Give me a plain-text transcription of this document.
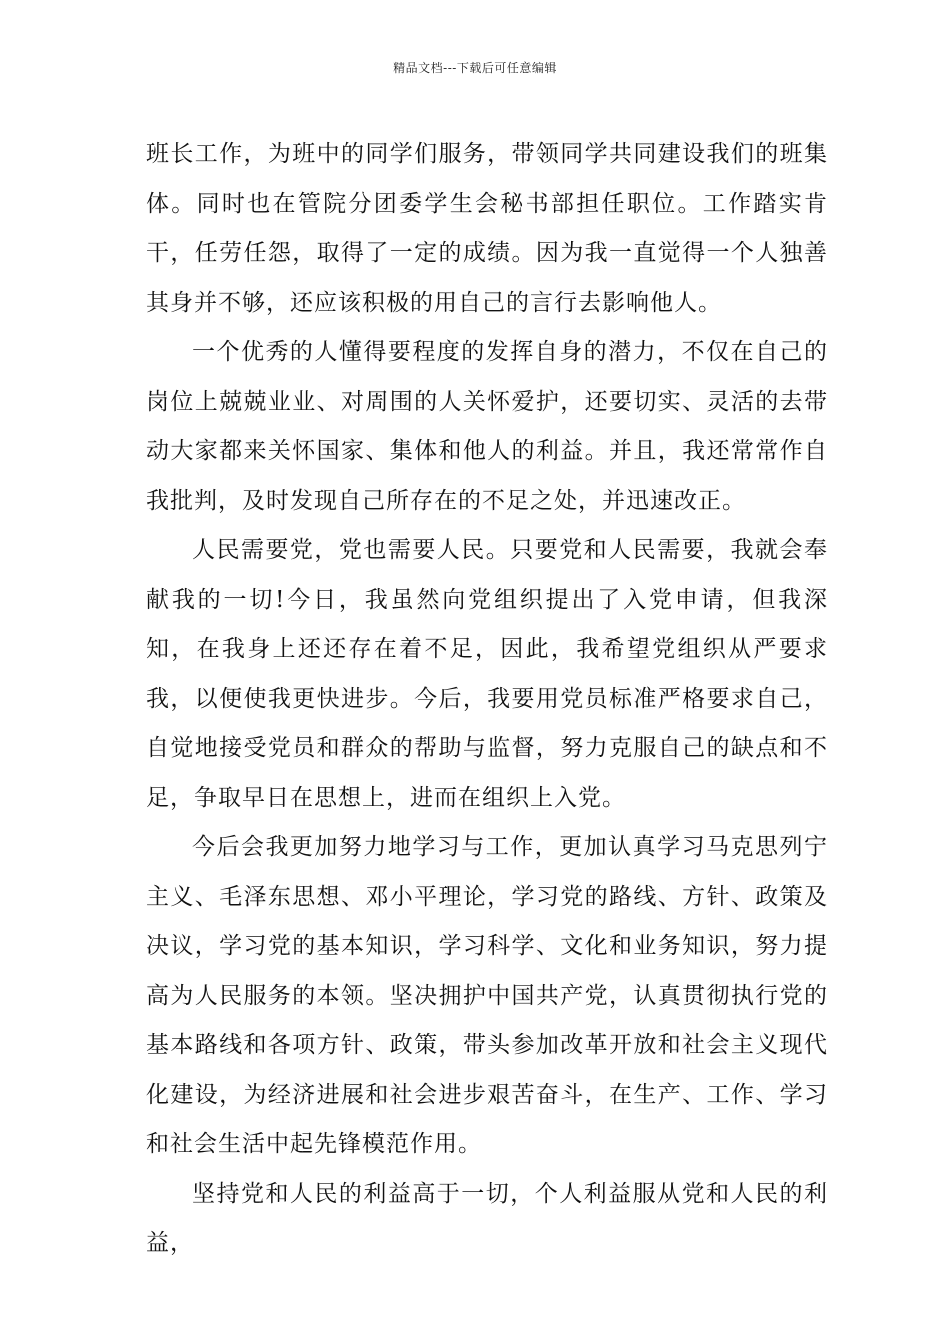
精品文档---下载后可任意编辑

班长工作，为班中的同学们服务，带领同学共同建设我们的班集体。同时也在管院分团委学生会秘书部担任职位。工作踏实肯干，任劳任怨，取得了一定的成绩。因为我一直觉得一个人独善其身并不够，还应该积极的用自己的言行去影响他人。

一个优秀的人懂得要程度的发挥自身的潜力，不仅在自己的岗位上兢兢业业、对周围的人关怀爱护，还要切实、灵活的去带动大家都来关怀国家、集体和他人的利益。并且，我还常常作自我批判，及时发现自己所存在的不足之处，并迅速改正。

人民需要党，党也需要人民。只要党和人民需要，我就会奉献我的一切!今日，我虽然向党组织提出了入党申请，但我深知，在我身上还还存在着不足，因此，我希望党组织从严要求我，以便使我更快进步。今后，我要用党员标准严格要求自己，自觉地接受党员和群众的帮助与监督，努力克服自己的缺点和不足，争取早日在思想上，进而在组织上入党。

今后会我更加努力地学习与工作，更加认真学习马克思列宁主义、毛泽东思想、邓小平理论，学习党的路线、方针、政策及决议，学习党的基本知识，学习科学、文化和业务知识，努力提高为人民服务的本领。坚决拥护中国共产党，认真贯彻执行党的基本路线和各项方针、政策，带头参加改革开放和社会主义现代化建设，为经济进展和社会进步艰苦奋斗，在生产、工作、学习和社会生活中起先锋模范作用。

坚持党和人民的利益高于一切，个人利益服从党和人民的利益，
